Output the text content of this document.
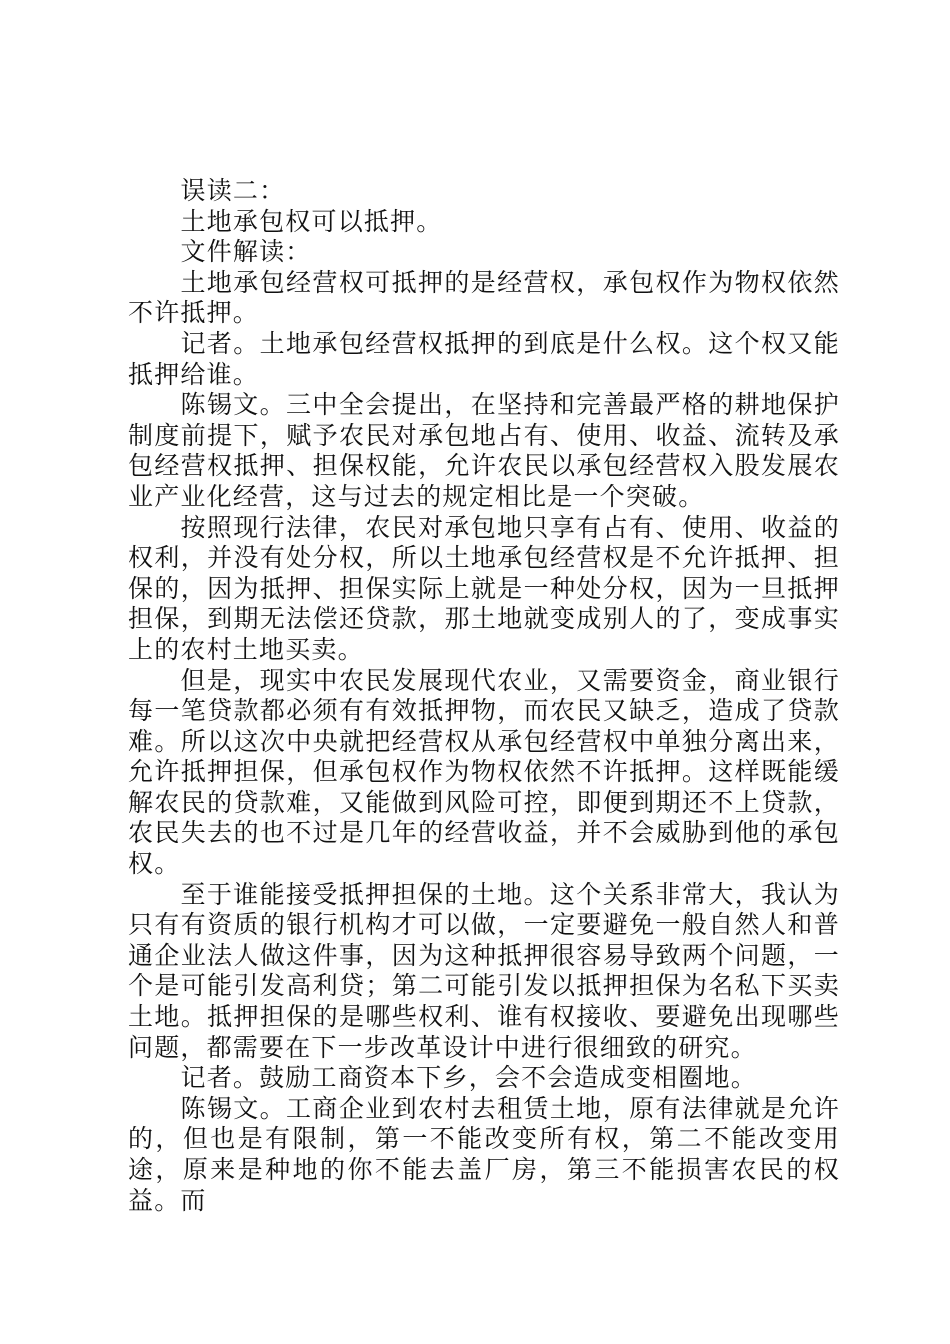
误读二：

土地承包权可以抵押。

文件解读：

土地承包经营权可抵押的是经营权，承包权作为物权依然不许抵押。

记者。土地承包经营权抵押的到底是什么权。这个权又能抵押给谁。

陈锡文。三中全会提出，在坚持和完善最严格的耕地保护制度前提下，赋予农民对承包地占有、使用、收益、流转及承包经营权抵押、担保权能，允许农民以承包经营权入股发展农业产业化经营，这与过去的规定相比是一个突破。

按照现行法律，农民对承包地只享有占有、使用、收益的权利，并没有处分权，所以土地承包经营权是不允许抵押、担保的，因为抵押、担保实际上就是一种处分权，因为一旦抵押担保，到期无法偿还贷款，那土地就变成别人的了，变成事实上的农村土地买卖。

但是，现实中农民发展现代农业，又需要资金，商业银行每一笔贷款都必须有有效抵押物，而农民又缺乏，造成了贷款难。所以这次中央就把经营权从承包经营权中单独分离出来，允许抵押担保，但承包权作为物权依然不许抵押。这样既能缓解农民的贷款难，又能做到风险可控，即便到期还不上贷款，农民失去的也不过是几年的经营收益，并不会威胁到他的承包权。

至于谁能接受抵押担保的土地。这个关系非常大，我认为只有有资质的银行机构才可以做，一定要避免一般自然人和普通企业法人做这件事，因为这种抵押很容易导致两个问题，一个是可能引发高利贷；第二可能引发以抵押担保为名私下买卖土地。抵押担保的是哪些权利、谁有权接收、要避免出现哪些问题，都需要在下一步改革设计中进行很细致的研究。

记者。鼓励工商资本下乡，会不会造成变相圈地。

陈锡文。工商企业到农村去租赁土地，原有法律就是允许的，但也是有限制，第一不能改变所有权，第二不能改变用途，原来是种地的你不能去盖厂房，第三不能损害农民的权益。而
